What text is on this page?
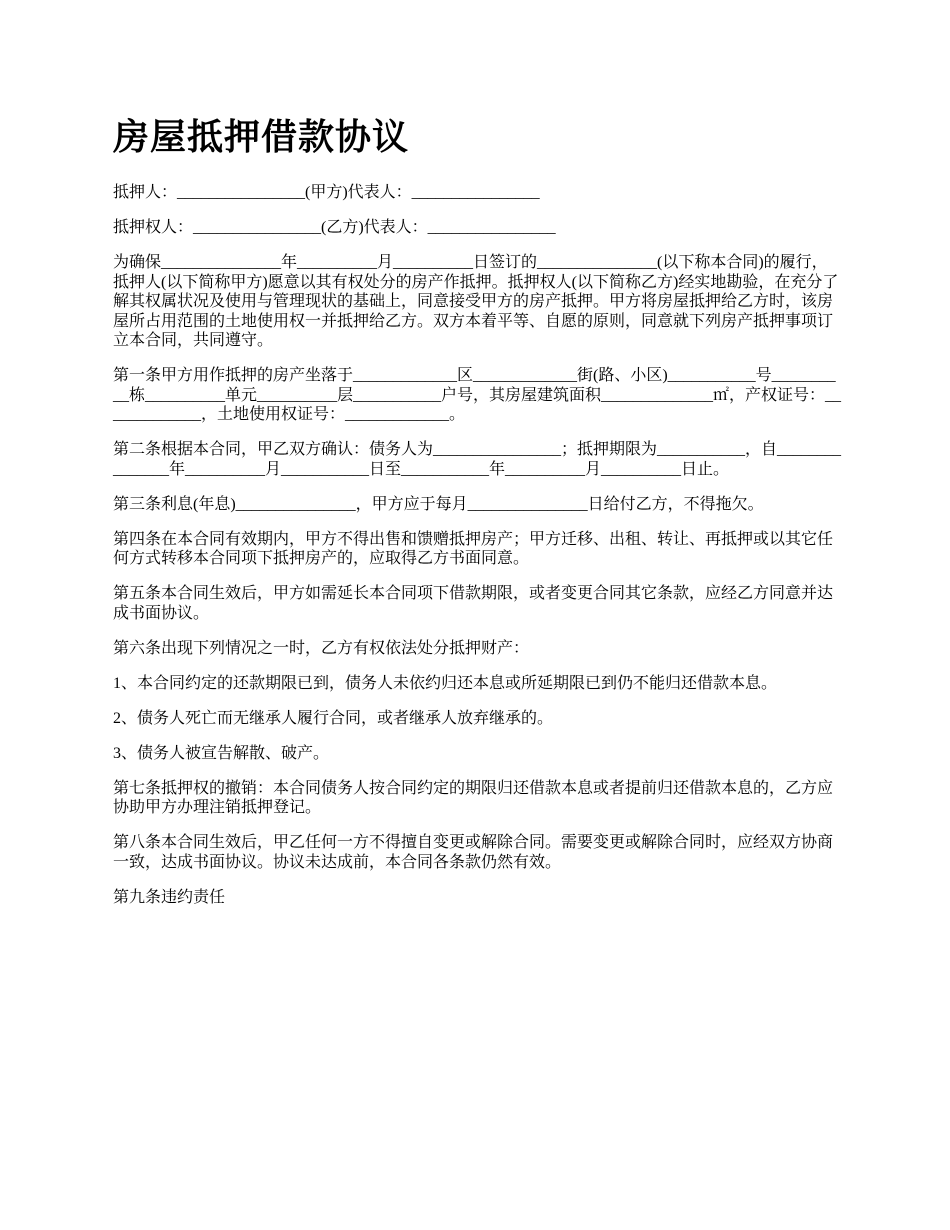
房屋抵押借款协议

抵押人：________________(甲方)代表人：________________

抵押权人：________________(乙方)代表人：________________

为确保_______________年__________月__________日签订的_______________(以下称本合同)的履行，抵押人(以下简称甲方)愿意以其有权处分的房产作抵押。抵押权人(以下简称乙方)经实地勘验，在充分了解其权属状况及使用与管理现状的基础上，同意接受甲方的房产抵押。甲方将房屋抵押给乙方时，该房屋所占用范围的土地使用权一并抵押给乙方。双方本着平等、自愿的原则，同意就下列房产抵押事项订立本合同，共同遵守。

第一条甲方用作抵押的房产坐落于_____________区_____________街(路、小区)___________号__________栋__________单元__________层___________户号，其房屋建筑面积______________㎡，产权证号：_____________，土地使用权证号：_____________。

第二条根据本合同，甲乙双方确认：债务人为________________；抵押期限为___________，自_______________年__________月___________日至___________年__________月__________日止。

第三条利息(年息)_______________，甲方应于每月_______________日给付乙方，不得拖欠。

第四条在本合同有效期内，甲方不得出售和馈赠抵押房产；甲方迁移、出租、转让、再抵押或以其它任何方式转移本合同项下抵押房产的，应取得乙方书面同意。

第五条本合同生效后，甲方如需延长本合同项下借款期限，或者变更合同其它条款，应经乙方同意并达成书面协议。

第六条出现下列情况之一时，乙方有权依法处分抵押财产：

1、本合同约定的还款期限已到，债务人未依约归还本息或所延期限已到仍不能归还借款本息。

2、债务人死亡而无继承人履行合同，或者继承人放弃继承的。

3、债务人被宣告解散、破产。

第七条抵押权的撤销：本合同债务人按合同约定的期限归还借款本息或者提前归还借款本息的，乙方应协助甲方办理注销抵押登记。

第八条本合同生效后，甲乙任何一方不得擅自变更或解除合同。需要变更或解除合同时，应经双方协商一致，达成书面协议。协议未达成前，本合同各条款仍然有效。

第九条违约责任
